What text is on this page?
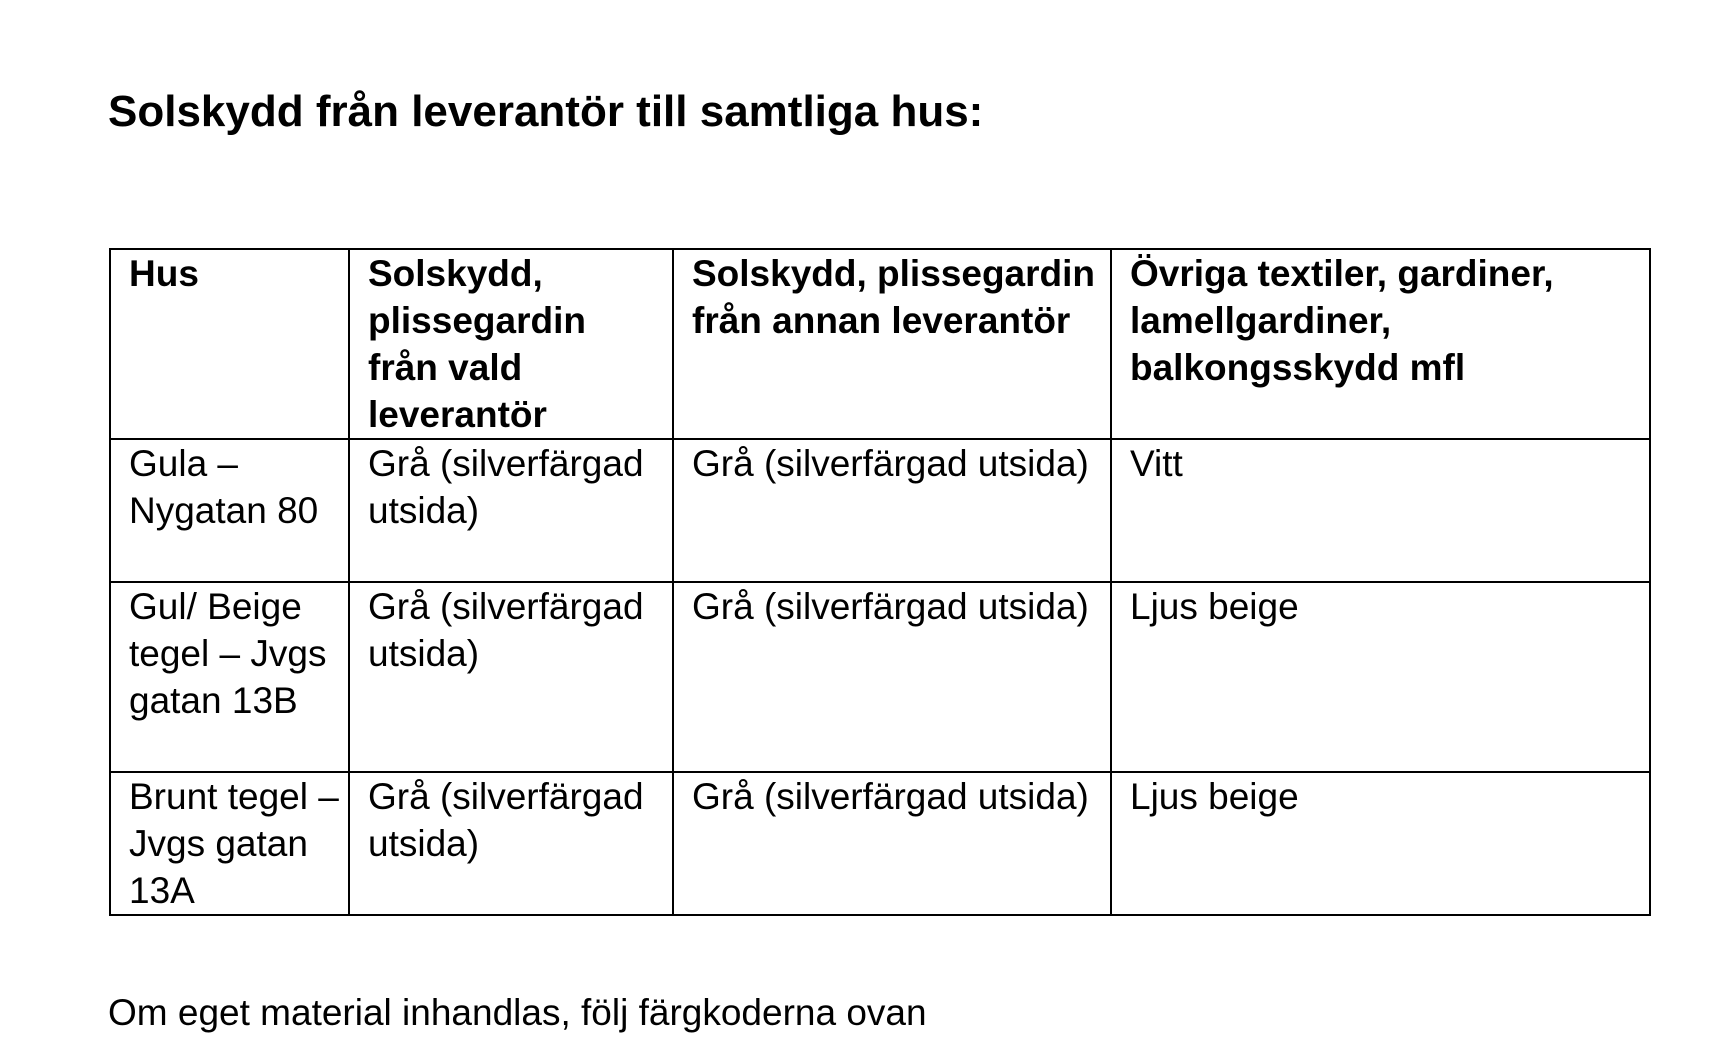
Solskydd från leverantör till samtliga hus:
Hus	Solskydd, plissegardin från vald leverantör	Solskydd, plissegardin från annan leverantör	Övriga textiler, gardiner, lamellgardiner, balkongsskydd mfl
Gula – Nygatan 80	Grå (silverfärgad utsida)	Grå (silverfärgad utsida)	Vitt
Gul/ Beige tegel – Jvgs gatan 13B	Grå (silverfärgad utsida)	Grå (silverfärgad utsida)	Ljus beige
Brunt tegel – Jvgs gatan 13A	Grå (silverfärgad utsida)	Grå (silverfärgad utsida)	Ljus beige

Om eget material inhandlas, följ färgkoderna ovan
